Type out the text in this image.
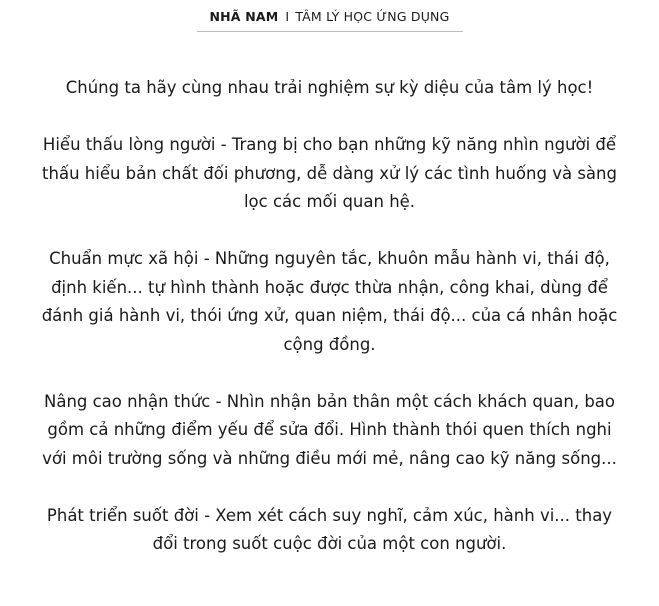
NHÃ NAM I TÂM LÝ HỌC ỨNG DỤNG

Chúng ta hãy cùng nhau trải nghiệm sự kỳ diệu của tâm lý học!

Hiểu thấu lòng người - Trang bị cho bạn những kỹ năng nhìn người để thấu hiểu bản chất đối phương, dễ dàng xử lý các tình huống và sàng lọc các mối quan hệ.

Chuẩn mực xã hội - Những nguyên tắc, khuôn mẫu hành vi, thái độ, định kiến... tự hình thành hoặc được thừa nhận, công khai, dùng để đánh giá hành vi, thói ứng xử, quan niệm, thái độ... của cá nhân hoặc cộng đồng.

Nâng cao nhận thức - Nhìn nhận bản thân một cách khách quan, bao gồm cả những điểm yếu để sửa đổi. Hình thành thói quen thích nghi với môi trường sống và những điều mới mẻ, nâng cao kỹ năng sống...

Phát triển suốt đời - Xem xét cách suy nghĩ, cảm xúc, hành vi... thay đổi trong suốt cuộc đời của một con người.
